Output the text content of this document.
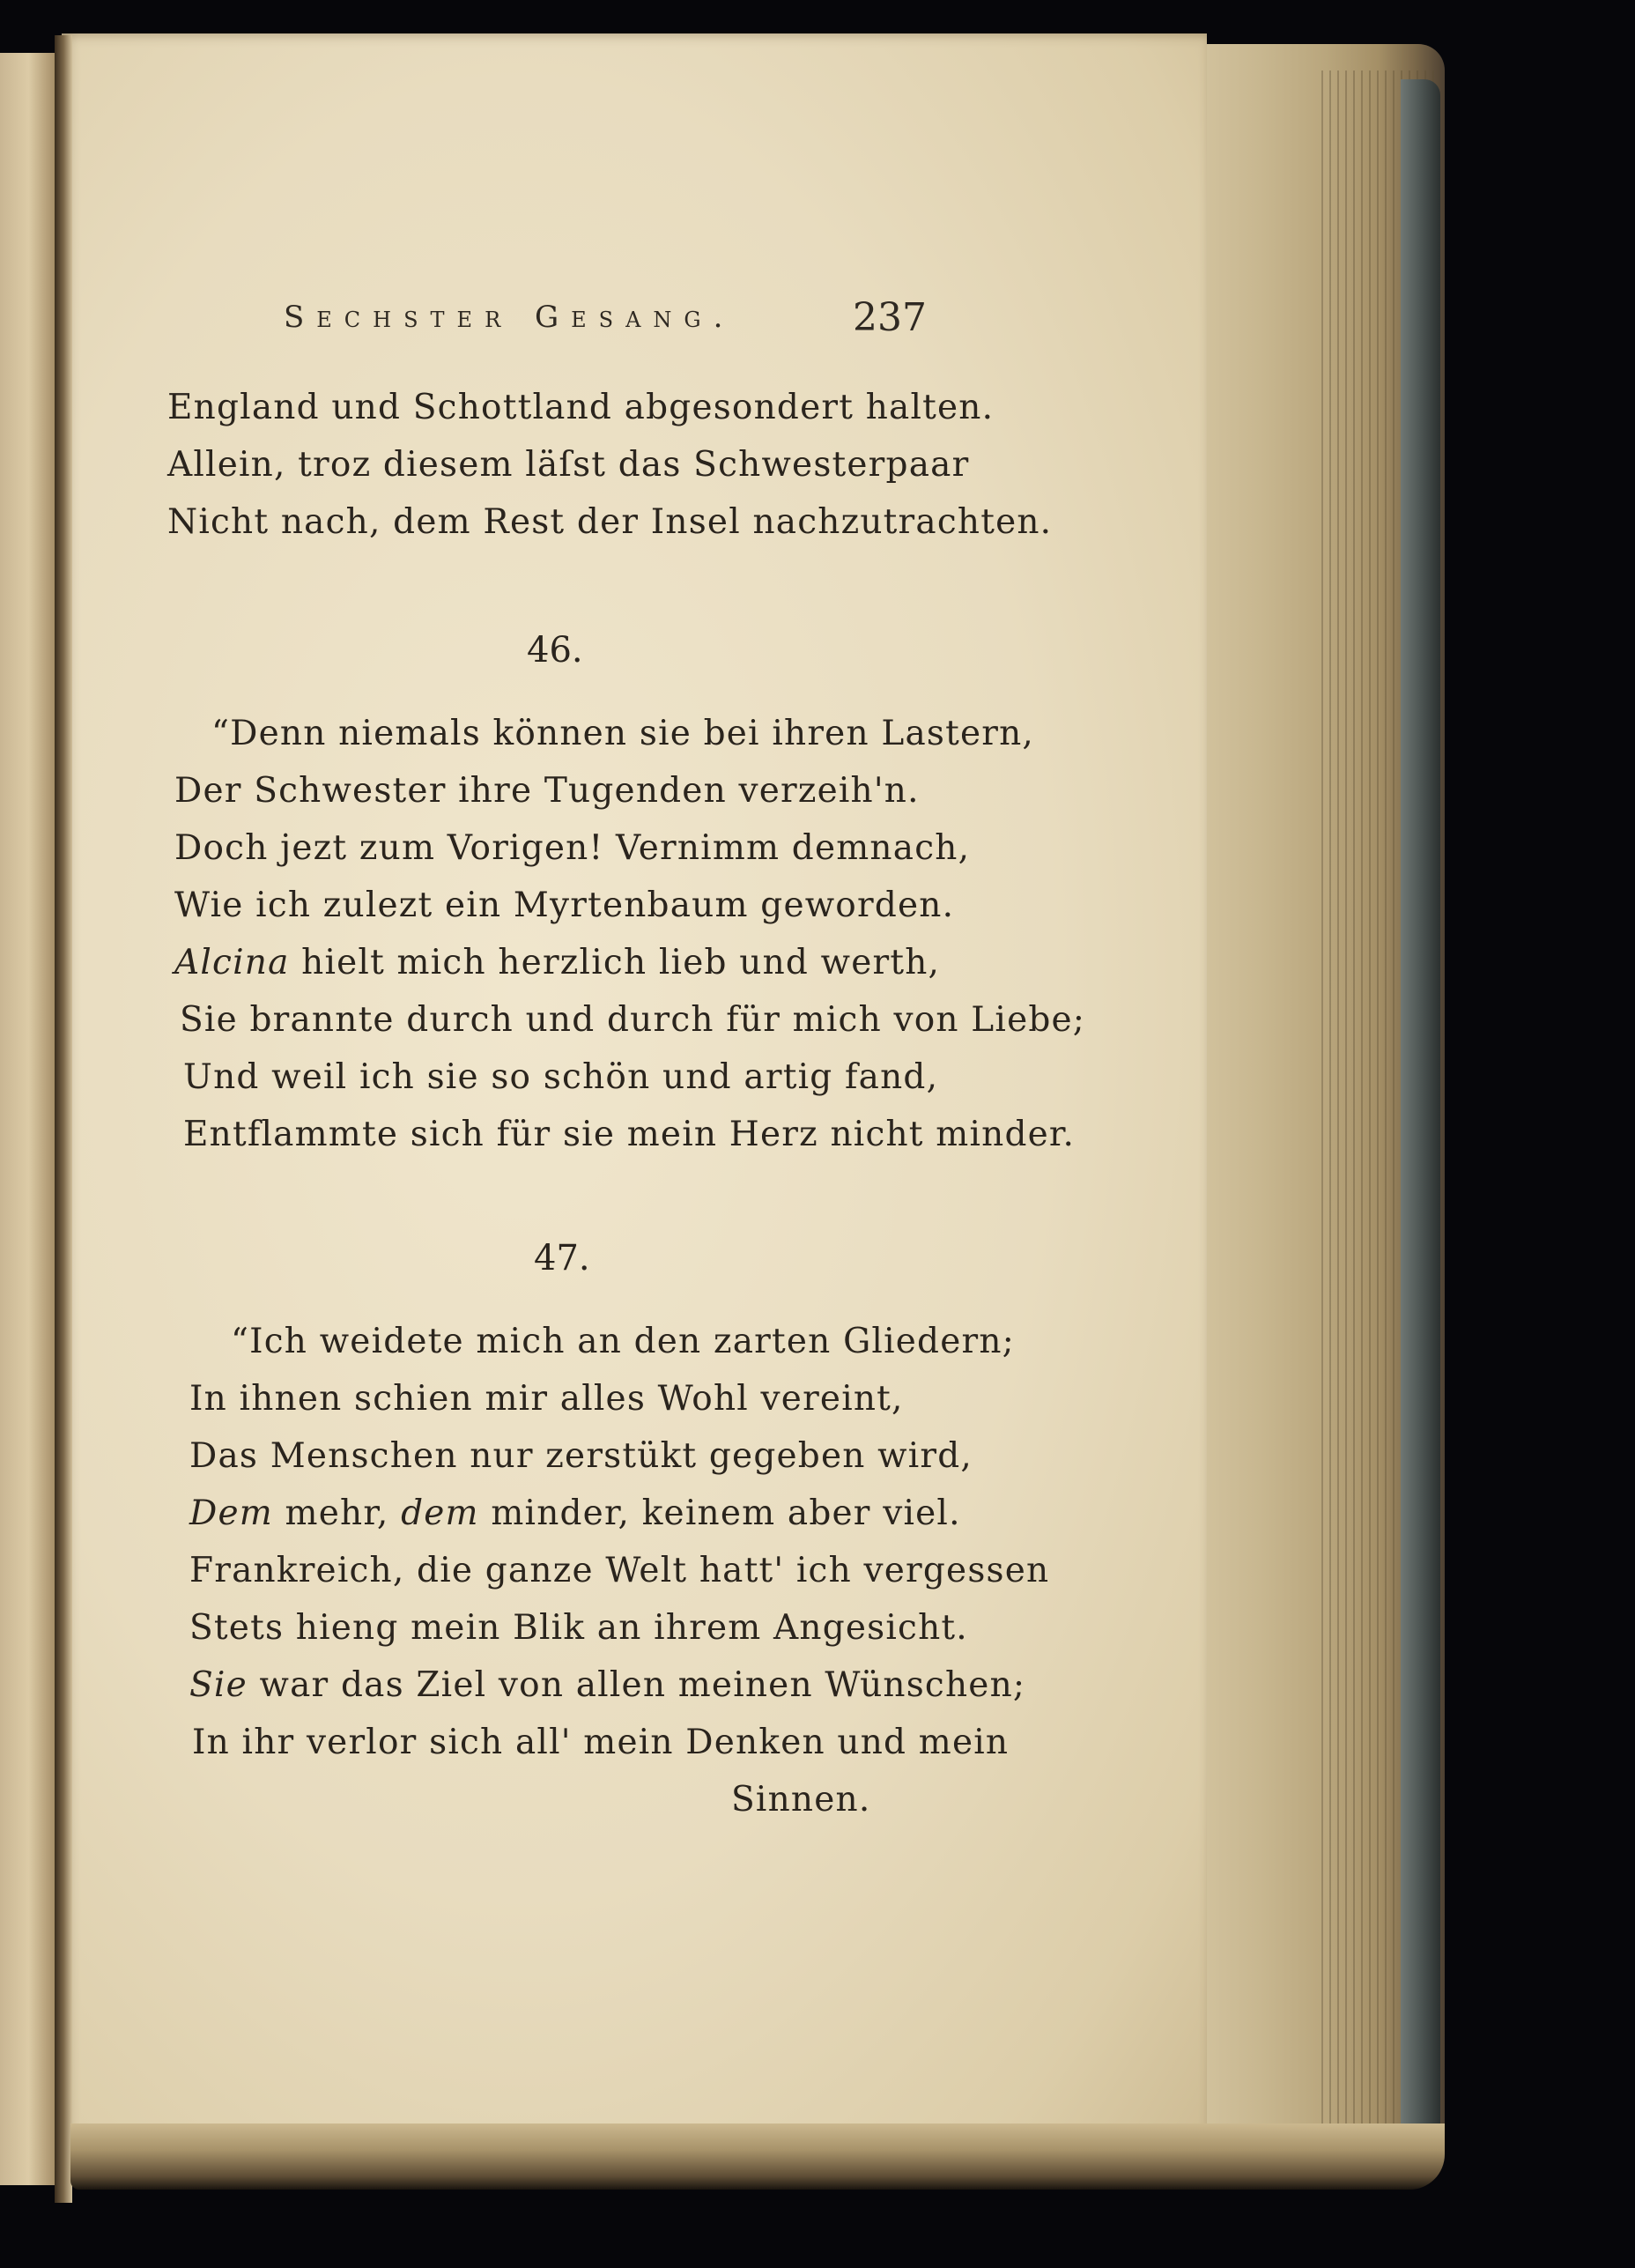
Sechster Gesang.	237
England und Schottland abgesondert halten.
Allein, troz diesem läſst das Schwesterpaar
Nicht nach, dem Rest der Insel nachzutrachten.
46.
“Denn niemals können sie bei ihren Lastern,
Der Schwester ihre Tugenden verzeih'n.
Doch jezt zum Vorigen! Vernimm demnach,
Wie ich zulezt ein Myrtenbaum geworden.
Alcina hielt mich herzlich lieb und werth,
Sie brannte durch und durch für mich von Liebe;
Und weil ich sie so schön und artig fand,
Entflammte sich für sie mein Herz nicht minder.
47.
“Ich weidete mich an den zarten Gliedern;
In ihnen schien mir alles Wohl vereint,
Das Menschen nur zerstükt gegeben wird,
Dem mehr, dem minder, keinem aber viel.
Frankreich, die ganze Welt hatt' ich vergessen
Stets hieng mein Blik an ihrem Angesicht.
Sie war das Ziel von allen meinen Wünschen;
In ihr verlor sich all' mein Denken und mein
Sinnen.
